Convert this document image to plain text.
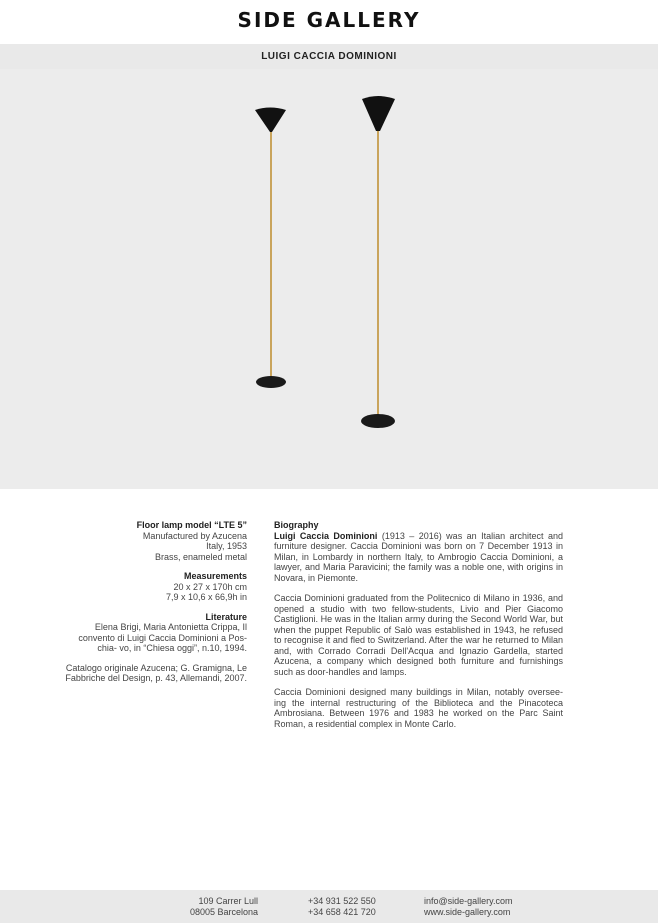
SIDE GALLERY
LUIGI CACCIA DOMINIONI
Floor lamp model “LTE 5”
Manufactured by Azucena
Italy, 1953
Brass, enameled metal
Measurements
20 x 27 x 170h cm
7,9 x 10,6 x 66,9h in
Literature
Elena Brigi, Maria Antonietta Crippa, Il convento di Luigi Caccia Dominioni a Pos-chia- vo, in “Chiesa oggi”, n.10, 1994.
Catalogo originale Azucena; G. Gramigna, Le Fabbriche del Design, p. 43, Allemandi, 2007.
Biography

Luigi Caccia Dominioni (1913 – 2016) was an Italian architect and furniture designer. Caccia Dominioni was born on 7 December 1913 in Milan, in Lombardy in northern Italy, to Ambrogio Caccia Dominioni, a lawyer, and Maria Paravicini; the family was a noble one, with origins in Novara, in Piemonte.

Caccia Dominioni graduated from the Politecnico di Milano in 1936, and opened a studio with two fellow-students, Livio and Pier Giacomo Castiglioni. He was in the Italian army during the Second World War, but when the puppet Republic of Salò was established in 1943, he refused to recognise it and fled to Switzerland. After the war he returned to Milan and, with Corrado Corradi Dell'Acqua and Ignazio Gardella, started Azucena, a company which designed both furniture and furnishings such as door-handles and lamps.

Caccia Dominioni designed many buildings in Milan, notably oversee- ing the internal restructuring of the Biblioteca and the Pinacoteca Ambrosiana. Between 1976 and 1983 he worked on the Parc Saint Roman, a residential complex in Monte Carlo.

109 Carrer Lull
08005 Barcelona
+34 931 522 550
+34 658 421 720
info@side-gallery.com
www.side-gallery.com
